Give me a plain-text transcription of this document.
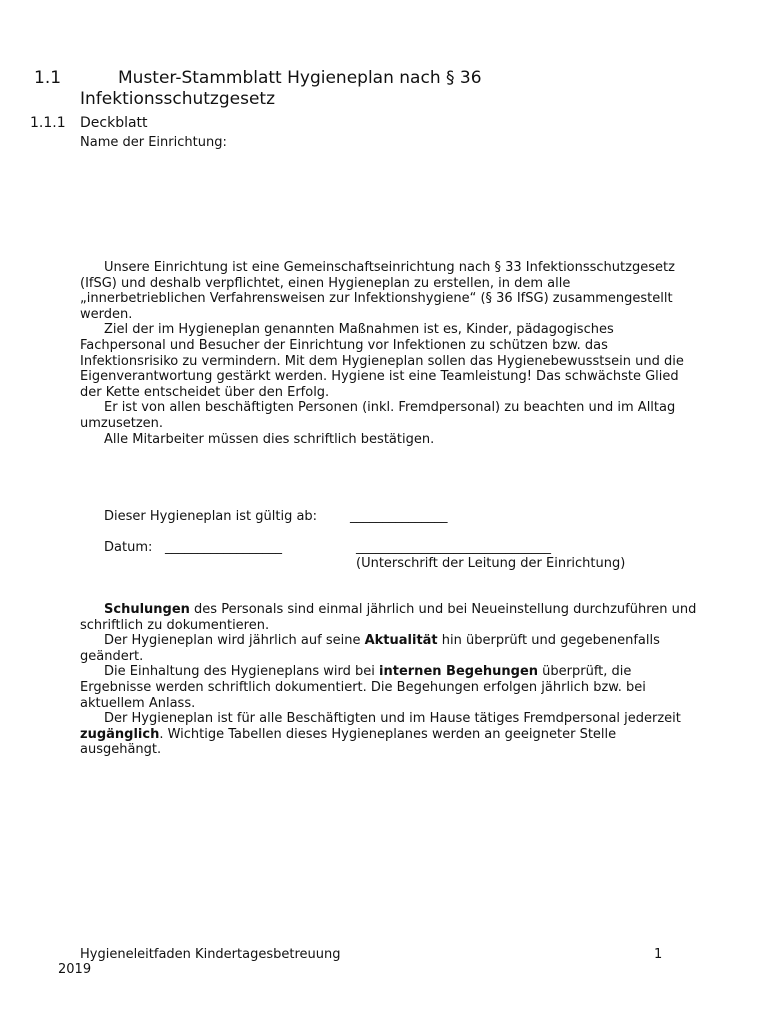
1.1	Muster-Stammblatt Hygieneplan nach § 36
Infektionsschutzgesetz
1.1.1 Deckblatt
Name der Einrichtung:
Unsere Einrichtung ist eine Gemeinschaftseinrichtung nach § 33 Infektionsschutzgesetz (IfSG) und deshalb verpflichtet, einen Hygieneplan zu erstellen, in dem alle „innerbetrieblichen Verfahrensweisen zur Infektionshygiene“ (§ 36 IfSG) zusammengestellt werden.
Ziel der im Hygieneplan genannten Maßnahmen ist es, Kinder, pädagogisches Fachpersonal und Besucher der Einrichtung vor Infektionen zu schützen bzw. das Infektionsrisiko zu vermindern. Mit dem Hygieneplan sollen das Hygienebewusstsein und die Eigenverantwortung gestärkt werden. Hygiene ist eine Teamleistung! Das schwächste Glied der Kette entscheidet über den Erfolg.
Er ist von allen beschäftigten Personen (inkl. Fremdpersonal) zu beachten und im Alltag umzusetzen.
Alle Mitarbeiter müssen dies schriftlich bestätigen.
Dieser Hygieneplan ist gültig ab:	_______________
Datum: __________________	______________________________
(Unterschrift der Leitung der Einrichtung)
Schulungen des Personals sind einmal jährlich und bei Neueinstellung durchzuführen und schriftlich zu dokumentieren.
Der Hygieneplan wird jährlich auf seine Aktualität hin überprüft und gegebenenfalls geändert.
Die Einhaltung des Hygieneplans wird bei internen Begehungen überprüft, die Ergebnisse werden schriftlich dokumentiert. Die Begehungen erfolgen jährlich bzw. bei aktuellem Anlass.
Der Hygieneplan ist für alle Beschäftigten und im Hause tätiges Fremdpersonal jederzeit zugänglich. Wichtige Tabellen dieses Hygieneplanes werden an geeigneter Stelle ausgehängt.
Hygieneleitfaden Kindertagesbetreuung
2019
1
